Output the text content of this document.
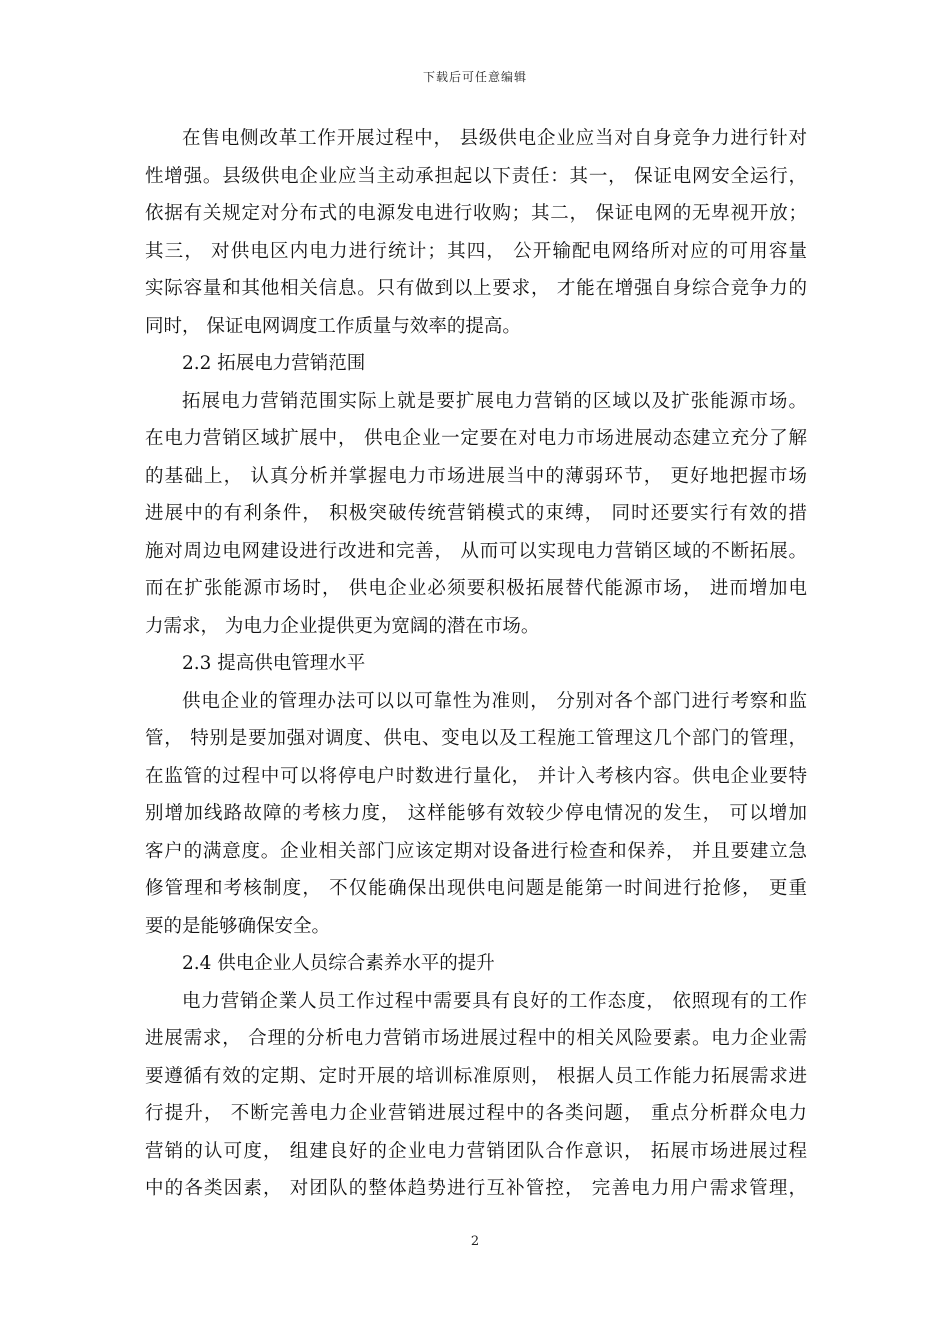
下载后可任意编辑
在售电侧改革工作开展过程中， 县级供电企业应当对自身竞争力进行针对
性增强。县级供电企业应当主动承担起以下责任：其一， 保证电网安全运行，
依据有关规定对分布式的电源发电进行收购；其二， 保证电网的无卑视开放；
其三， 对供电区内电力进行统计；其四， 公开输配电网络所对应的可用容量
实际容量和其他相关信息。只有做到以上要求， 才能在增强自身综合竞争力的
同时， 保证电网调度工作质量与效率的提高。
2.2 拓展电力营销范围
拓展电力营销范围实际上就是要扩展电力营销的区域以及扩张能源市场。
在电力营销区域扩展中， 供电企业一定要在对电力市场进展动态建立充分了解
的基础上， 认真分析并掌握电力市场进展当中的薄弱环节， 更好地把握市场
进展中的有利条件， 积极突破传统营销模式的束缚， 同时还要实行有效的措
施对周边电网建设进行改进和完善， 从而可以实现电力营销区域的不断拓展。
而在扩张能源市场时， 供电企业必须要积极拓展替代能源市场， 进而增加电
力需求， 为电力企业提供更为宽阔的潜在市场。
2.3 提高供电管理水平
供电企业的管理办法可以以可靠性为准则， 分别对各个部门进行考察和监
管， 特别是要加强对调度、供电、变电以及工程施工管理这几个部门的管理，
在监管的过程中可以将停电户时数进行量化， 并计入考核内容。供电企业要特
别增加线路故障的考核力度， 这样能够有效较少停电情况的发生， 可以增加
客户的满意度。企业相关部门应该定期对设备进行检查和保养， 并且要建立急
修管理和考核制度， 不仅能确保出现供电问题是能第一时间进行抢修， 更重
要的是能够确保安全。
2.4 供电企业人员综合素养水平的提升
电力营销企業人员工作过程中需要具有良好的工作态度， 依照现有的工作
进展需求， 合理的分析电力营销市场进展过程中的相关风险要素。电力企业需
要遵循有效的定期、定时开展的培训标准原则， 根据人员工作能力拓展需求进
行提升， 不断完善电力企业营销进展过程中的各类问题， 重点分析群众电力
营销的认可度， 组建良好的企业电力营销团队合作意识， 拓展市场进展过程
中的各类因素， 对团队的整体趋势进行互补管控， 完善电力用户需求管理，
2
